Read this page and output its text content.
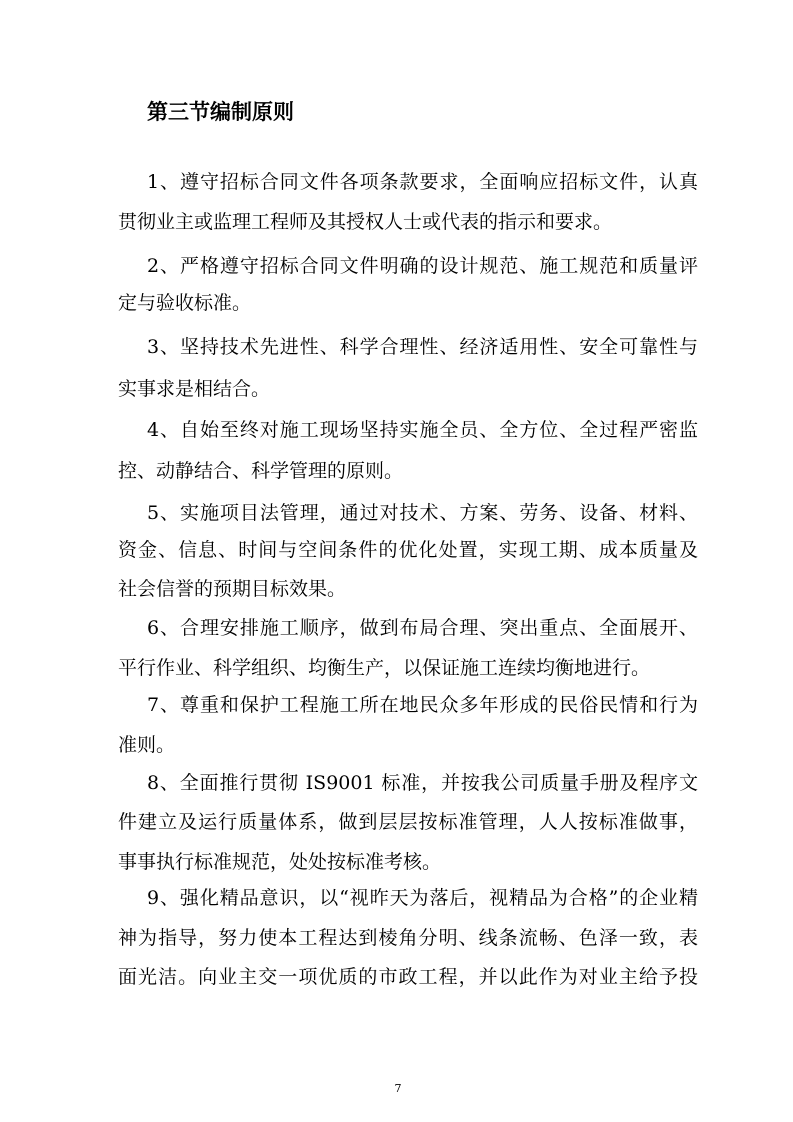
第三节编制原则
1、遵守招标合同文件各项条款要求，全面响应招标文件，认真
贯彻业主或监理工程师及其授权人士或代表的指示和要求。
2、严格遵守招标合同文件明确的设计规范、施工规范和质量评
定与验收标准。
3、坚持技术先进性、科学合理性、经济适用性、安全可靠性与
实事求是相结合。
4、自始至终对施工现场坚持实施全员、全方位、全过程严密监
控、动静结合、科学管理的原则。
5、实施项目法管理，通过对技术、方案、劳务、设备、材料、
资金、信息、时间与空间条件的优化处置，实现工期、成本质量及
社会信誉的预期目标效果。
6、合理安排施工顺序，做到布局合理、突出重点、全面展开、
平行作业、科学组织、均衡生产，以保证施工连续均衡地进行。
7、尊重和保护工程施工所在地民众多年形成的民俗民情和行为
准则。
8、全面推行贯彻 IS9001 标准，并按我公司质量手册及程序文
件建立及运行质量体系，做到层层按标准管理，人人按标准做事，
事事执行标准规范，处处按标准考核。
9、强化精品意识，以“视昨天为落后，视精品为合格”的企业精
神为指导，努力使本工程达到棱角分明、线条流畅、色泽一致，表
面光洁。向业主交一项优质的市政工程，并以此作为对业主给予投
7
